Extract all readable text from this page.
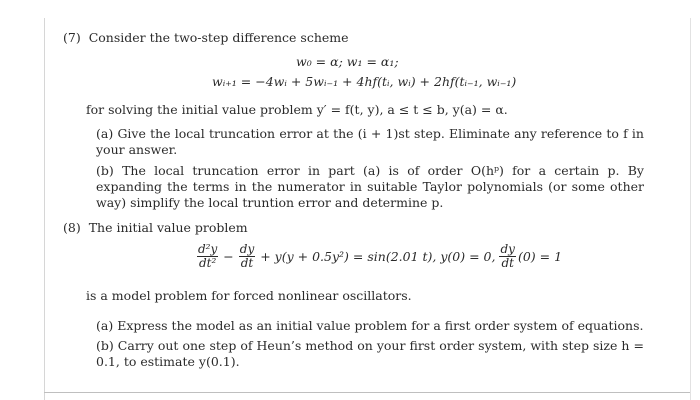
(7) Consider the two-step difference scheme
w₀ = α; w₁ = α₁;
wᵢ₊₁ = −4wᵢ + 5wᵢ₋₁ + 4hf(tᵢ, wᵢ) + 2hf(tᵢ₋₁, wᵢ₋₁)
for solving the initial value problem y′ = f(t, y), a ≤ t ≤ b, y(a) = α.
(a) Give the local truncation error at the (i + 1)st step. Eliminate any reference to f in your answer.
(b) The local truncation error in part (a) is of order O(hᵖ) for a certain p. By expanding the terms in the numerator in suitable Taylor polynomials (or some other way) simplify the local truntion error and determine p.
(8) The initial value problem
$\frac{\text{d²y}}{\text{dt²}} - \frac{dy}{dt} + y(y + 0.5y^2) = \sin(2.01$ t), y(0) = 0, $\frac{dy}{dt} (0) = 1$
is a model problem for forced nonlinear oscillators.
(a) Express the model as an initial value problem for a first order system of equations.
(b) Carry out one step of Heun’s method on your first order system, with step size h = 0.1, to estimate y(0.1).
